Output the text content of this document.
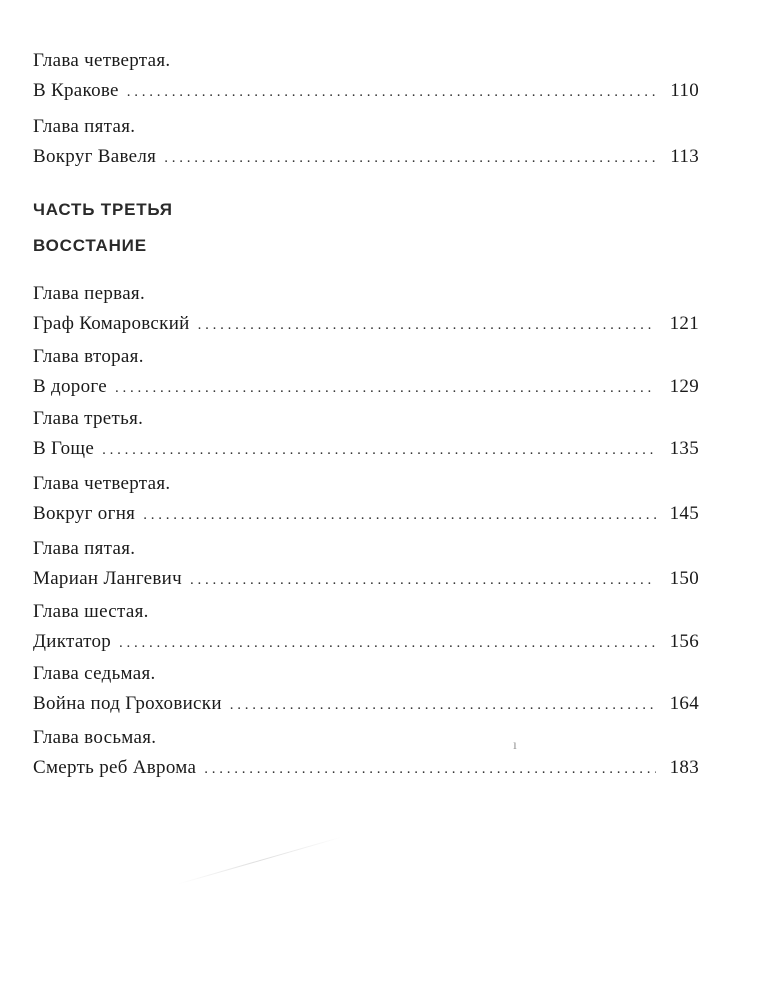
Глава четвертая.
В Кракове . . .	110
Глава пятая.
Вокруг Вавеля . . .	113
ЧАСТЬ ТРЕТЬЯ
ВОССТАНИЕ
Глава первая.
Граф Комаровский . . .	121
Глава вторая.
В дороге . . .	129
Глава третья.
В Гоще . . .	135
Глава четвертая.
Вокруг огня . . .	145
Глава пятая.
Мариан Лангевич . . .	150
Глава шестая.
Диктатор . . .	156
Глава седьмая.
Война под Гроховиски . . .	164
Глава восьмая.
Смерть реб Аврома . . .	183
ı
